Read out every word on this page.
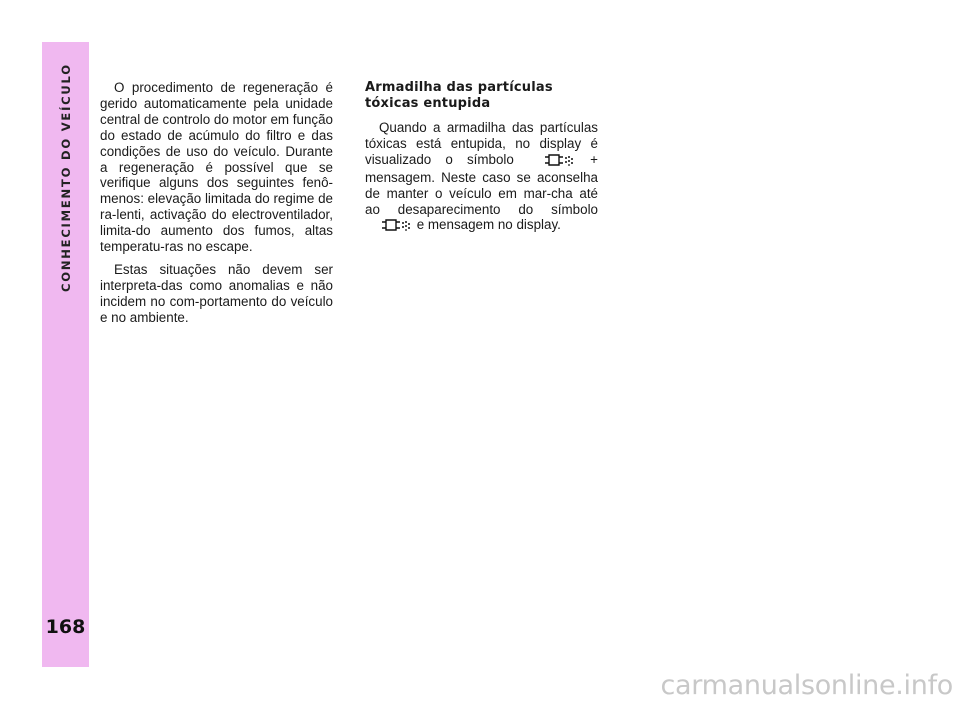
CONHECIMENTO DO VEÍCULO
168

O procedimento de regeneração é gerido automaticamente pela unidade central de controlo do motor em função do estado de acúmulo do filtro e das condições de uso do veículo. Durante a regeneração é possível que se verifique alguns dos seguintes fenô-menos: elevação limitada do regime de ra-lenti, activação do electroventilador, limita-do aumento dos fumos, altas temperatu-ras no escape.

Estas situações não devem ser interpreta-das como anomalias e não incidem no com-portamento do veículo e no ambiente.

Armadilha das partículas tóxicas entupida

Quando a armadilha das partículas tóxicas está entupida, no display é visualizado o símbolo	+ mensagem. Neste caso se aconselha de manter o veículo em mar-cha até ao desaparecimento do símbolo  e mensagem no display.

carmanualsonline.info
